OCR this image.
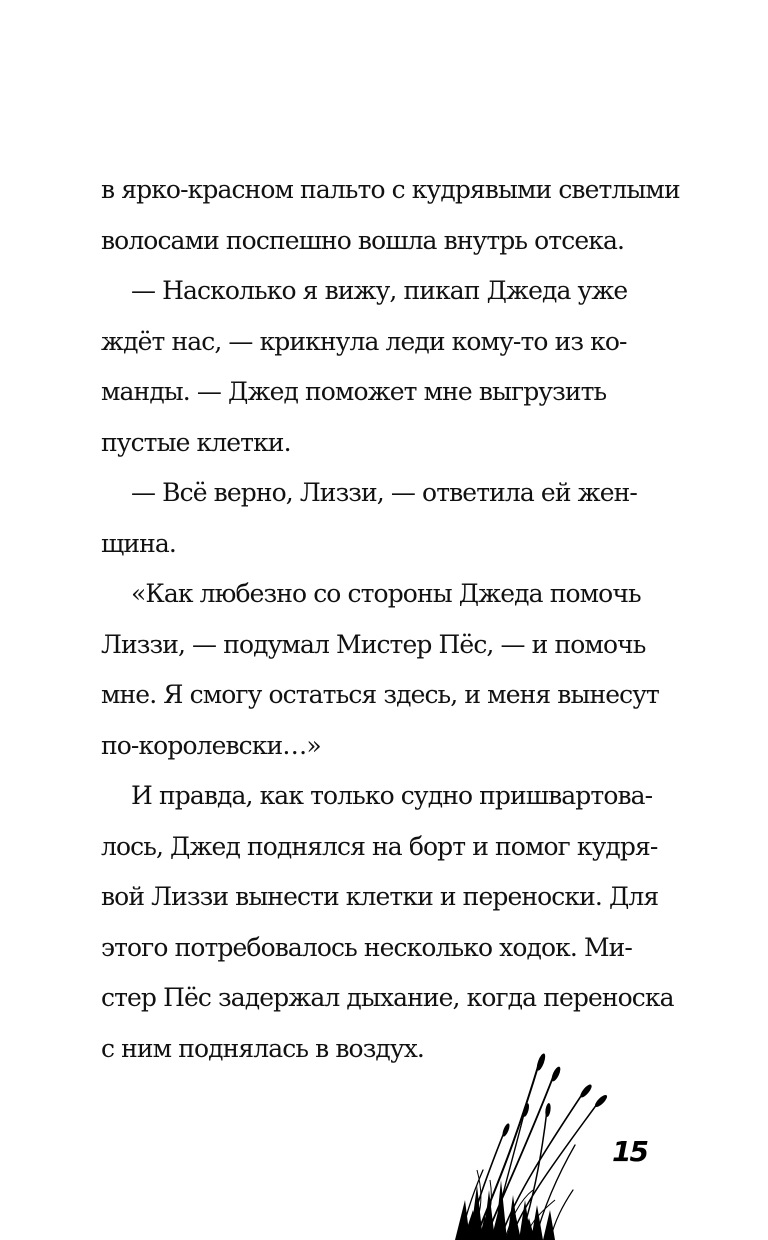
в ярко-красном пальто с кудрявыми светлыми
волосами поспешно вошла внутрь отсека.
— Насколько я вижу, пикап Джеда уже
ждёт нас, — крикнула леди кому-то из ко-
манды. — Джед поможет мне выгрузить
пустые клетки.
— Всё верно, Лиззи, — ответила ей жен-
щина.
«Как любезно со стороны Джеда помочь
Лиззи, — подумал Мистер Пёс, — и помочь
мне. Я смогу остаться здесь, и меня вынесут
по-королевски…»
И правда, как только судно пришвартова-
лось, Джед поднялся на борт и помог кудря-
вой Лиззи вынести клетки и переноски. Для
этого потребовалось несколько ходок. Ми-
стер Пёс задержал дыхание, когда переноска
с ним поднялась в воздух.
15
